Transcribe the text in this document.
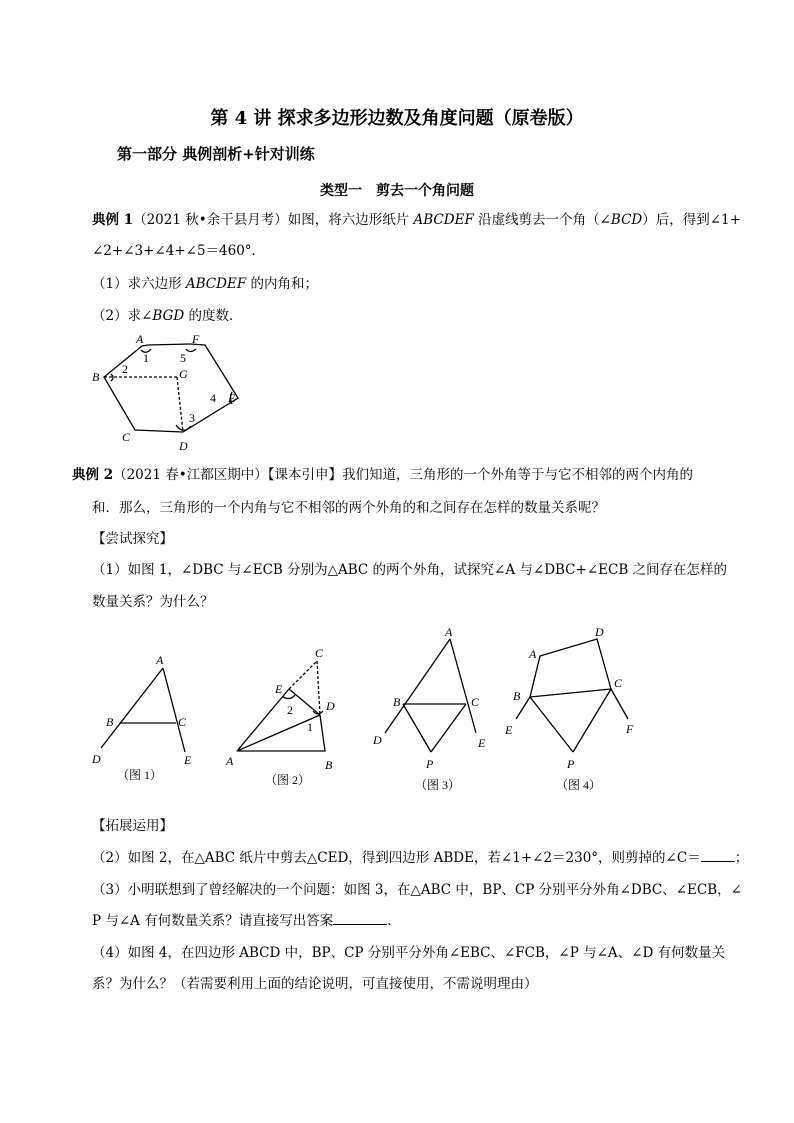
第 4 讲 探求多边形边数及角度问题（原卷版）
第一部分 典例剖析+针对训练
类型一　剪去一个角问题
典例 1（2021 秋•余干县月考）如图，将六边形纸片 ABCDEF 沿虚线剪去一个角（∠BCD）后，得到∠1+
∠2+∠3+∠4+∠5＝460°．
（1）求六边形 ABCDEF 的内角和；
（2）求∠BGD 的度数．
典例 2（2021 春•江都区期中）【课本引申】我们知道，三角形的一个外角等于与它不相邻的两个内角的
和．那么，三角形的一个内角与它不相邻的两个外角的和之间存在怎样的数量关系呢？
【尝试探究】
（1）如图 1，∠DBC 与∠ECB 分别为△ABC 的两个外角，试探究∠A 与∠DBC+∠ECB 之间存在怎样的
数量关系？为什么？
【拓展运用】
（2）如图 2，在△ABC 纸片中剪去△CED，得到四边形 ABDE，若∠1+∠2＝230°，则剪掉的∠C＝	；
（3）小明联想到了曾经解决的一个问题：如图 3，在△ABC 中，BP、CP 分别平分外角∠DBC、∠ECB，∠
P 与∠A 有何数量关系？请直接写出答案	．
（4）如图 4，在四边形 ABCD 中，BP、CP 分别平分外角∠EBC、∠FCB，∠P 与∠A、∠D 有何数量关
系？为什么？（若需要利用上面的结论说明，可直接使用，不需说明理由）
A
B
C
D
E
F
G
1
2
3
4
5
A
B	C
D	E
（图 1）
A	B
C
D
E
1
2
（图 2）
A
B	C
D	E
P
（图 3）
A
B
C
D
E	F
P
（图 4）
